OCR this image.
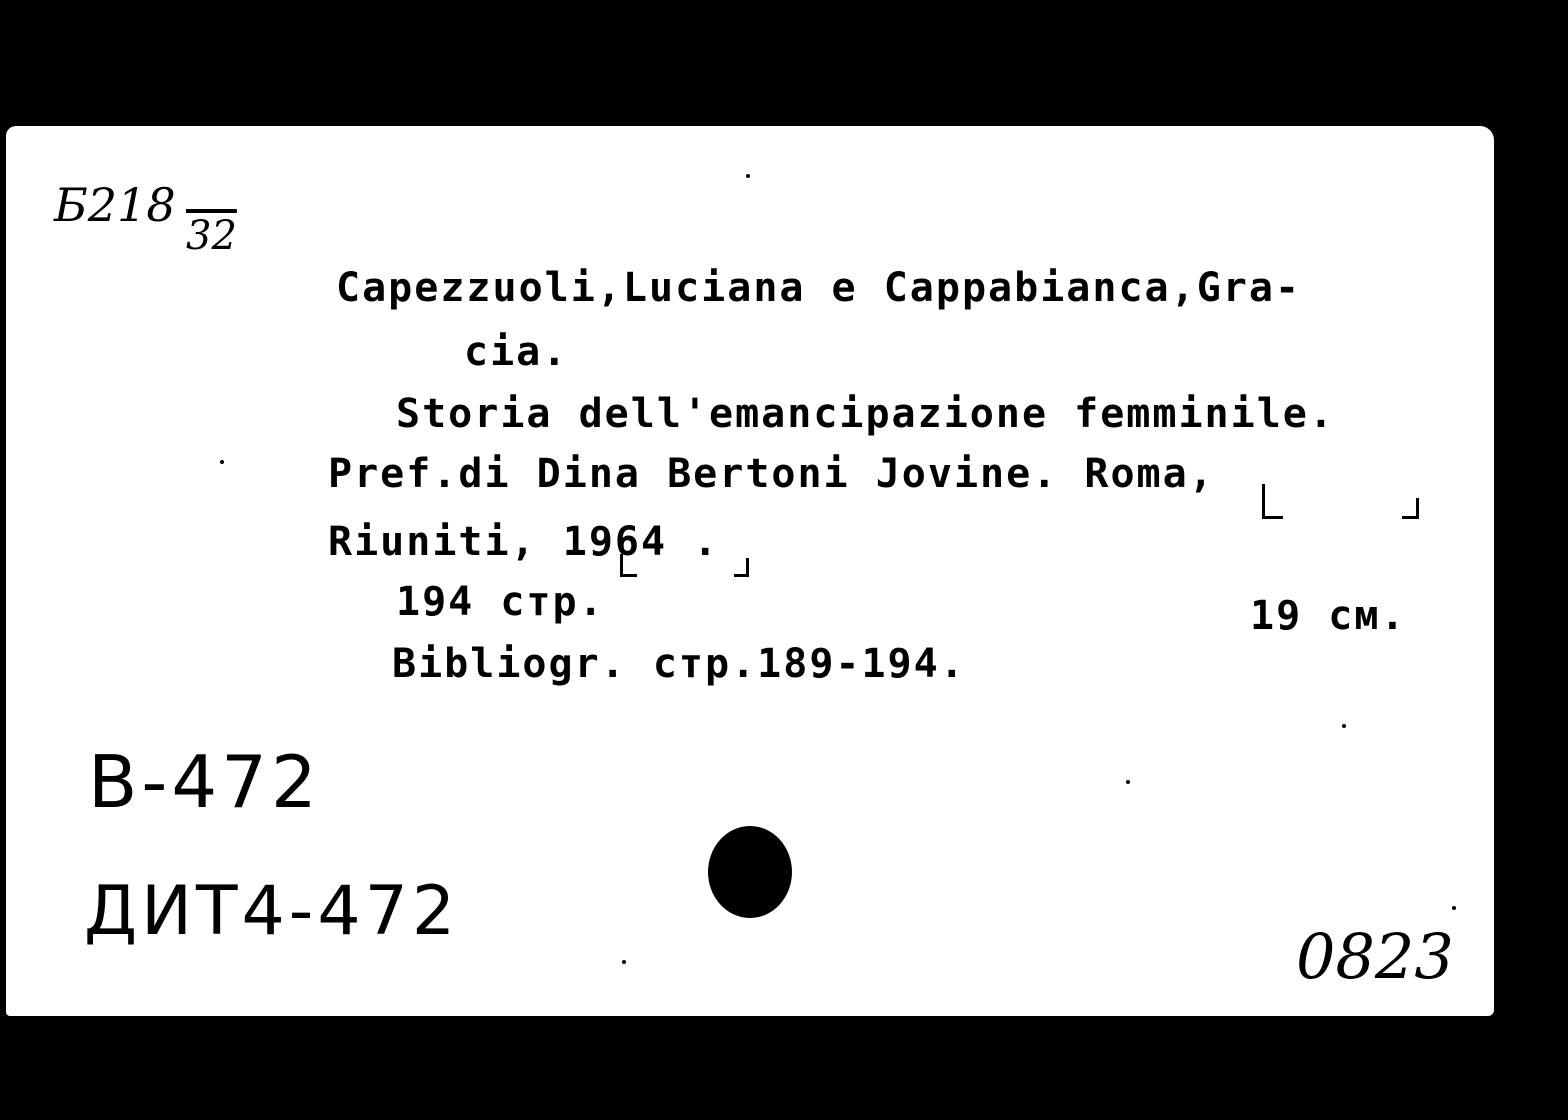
Б218
32
Capezzuoli,Luciana e Cappabianca,Gra-
cia.
Storia dell'emancipazione femminile.
Pref.di Dina Bertoni Jovine. Roma,
Riuniti, 1964 .
194 стр.	19 см.
Bibliogr. стр.189-194.
В-472
ДИТ4-472
0823
